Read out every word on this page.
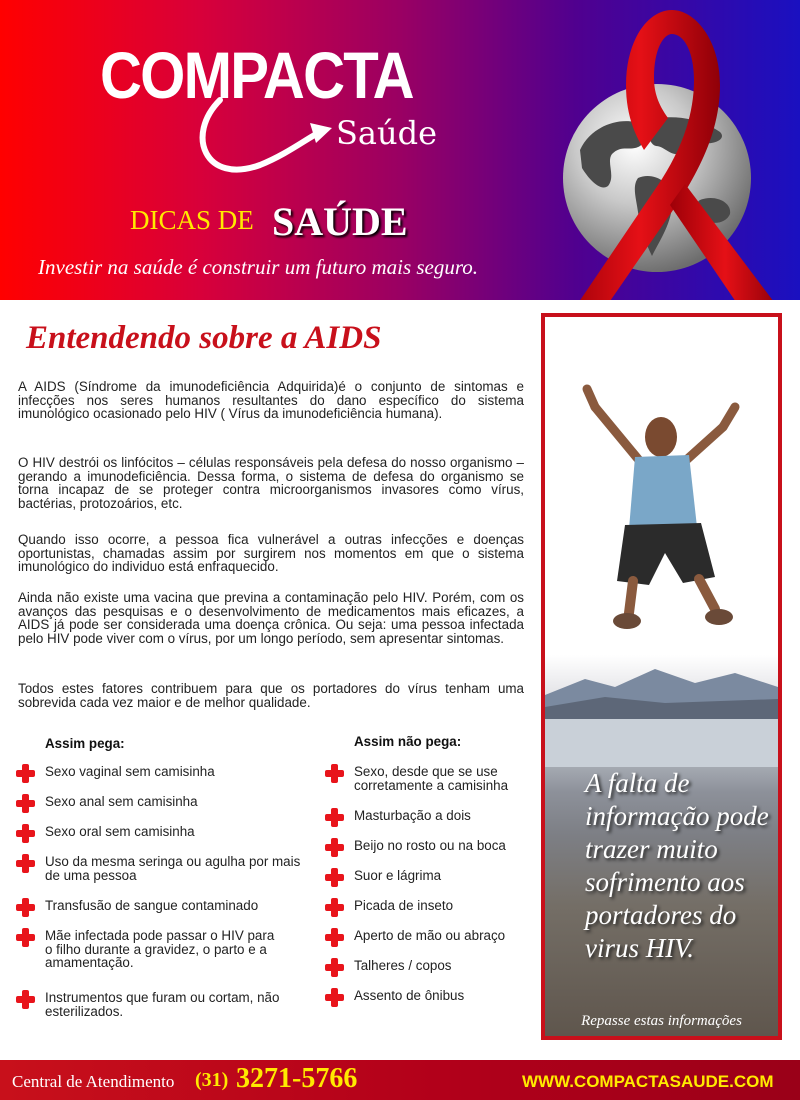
COMPACTA
Saúde
DICAS DE SAÚDE
Investir na saúde é construir um futuro mais seguro.
A falta de informação pode trazer muito sofrimento aos portadores do virus HIV.
Repasse estas informações
Entendendo sobre a AIDS

A AIDS (Síndrome da imunodeficiência Adquirida)é o conjunto de sintomas e infecções nos seres humanos resultantes do dano específico do sistema imunológico ocasionado pelo HIV ( Vírus da imunodeficiência humana).

O HIV destrói os linfócitos – células responsáveis pela defesa do nosso organismo – gerando a imunodeficiência. Dessa forma, o sistema de defesa do organismo se torna incapaz de se proteger contra microorganismos invasores como vírus, bactérias, protozoários, etc.

Quando isso ocorre, a pessoa fica vulnerável a outras infecções e doenças oportunistas, chamadas assim por surgirem nos momentos em que o sistema imunológico do individuo está enfraquecido.

Ainda não existe uma vacina que previna a contaminação pelo HIV. Porém, com os avanços das pesquisas e o desenvolvimento de medicamentos mais eficazes, a AIDS já pode ser considerada uma doença crônica. Ou seja: uma pessoa infectada pelo HIV pode viver com o vírus, por um longo período, sem apresentar sintomas.

Todos estes fatores contribuem para que os portadores do vírus tenham uma sobrevida cada vez maior e de melhor qualidade.

Assim pega:
Sexo vaginal sem camisinha
Sexo anal sem camisinha
Sexo oral sem camisinha
Uso da mesma seringa ou agulha por mais de uma pessoa
Transfusão de sangue contaminado
Mãe infectada pode passar o HIV para o filho durante a gravidez, o parto e a amamentação.
Instrumentos que furam ou cortam, não esterilizados.
Assim não pega:
Sexo, desde que se use corretamente a camisinha
Masturbação a dois
Beijo no rosto ou na boca
Suor e lágrima
Picada de inseto
Aperto de mão ou abraço
Talheres / copos
Assento de ônibus
Central de Atendimento (31) 3271-5766	WWW.COMPACTASAUDE.COM
